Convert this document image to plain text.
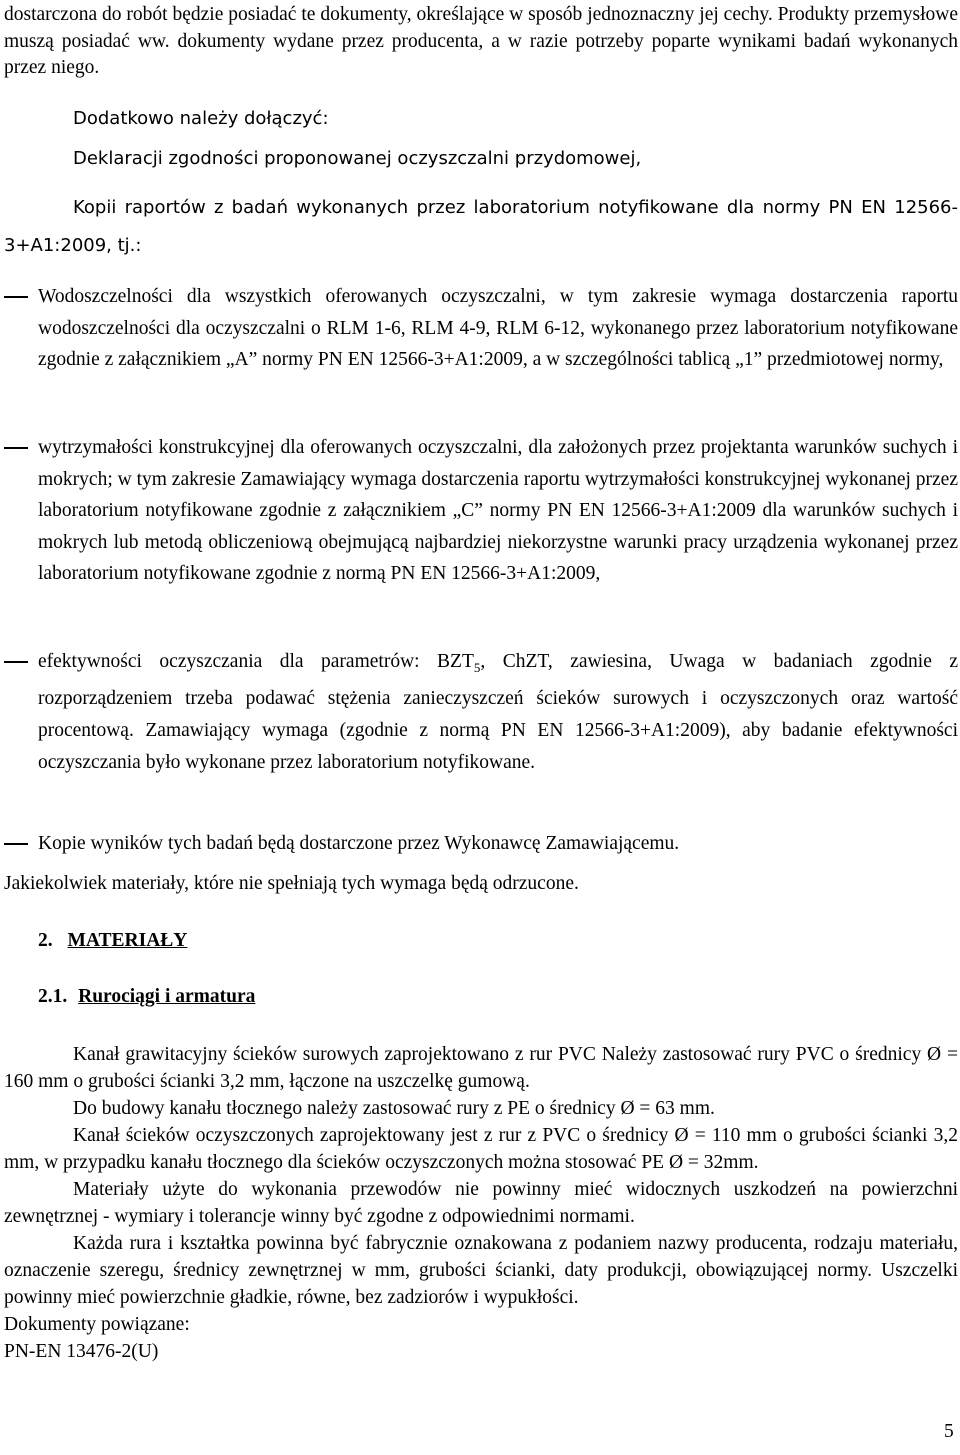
dostarczona do robót będzie posiadać te dokumenty, określające w sposób jednoznaczny jej cechy. Produkty przemysłowe muszą posiadać ww. dokumenty wydane przez producenta, a w razie potrzeby poparte wynikami badań wykonanych przez niego.

Dodatkowo należy dołączyć:

Deklaracji zgodności proponowanej oczyszczalni przydomowej,

Kopii raportów z badań wykonanych przez laboratorium notyfikowane dla normy PN EN 12566-3+A1:2009, tj.:

Wodoszczelności dla wszystkich oferowanych oczyszczalni, w tym zakresie wymaga dostarczenia raportu wodoszczelności dla oczyszczalni o RLM 1-6, RLM 4-9, RLM 6-12, wykonanego przez laboratorium notyfikowane zgodnie z załącznikiem „A” normy PN EN 12566-3+A1:2009, a w szczególności tablicą „1” przedmiotowej normy,
wytrzymałości konstrukcyjnej dla oferowanych oczyszczalni, dla założonych przez projektanta warunków suchych i mokrych; w tym zakresie Zamawiający wymaga dostarczenia raportu wytrzymałości konstrukcyjnej wykonanej przez laboratorium notyfikowane zgodnie z załącznikiem „C” normy PN EN 12566-3+A1:2009 dla warunków suchych i mokrych lub metodą obliczeniową obejmującą najbardziej niekorzystne warunki pracy urządzenia wykonanej przez laboratorium notyfikowane zgodnie z normą PN EN 12566-3+A1:2009,
efektywności oczyszczania dla parametrów: $BZT_5$, ChZT, zawiesina, Uwaga w badaniach zgodnie z rozporządzeniem trzeba podawać stężenia zanieczyszczeń ścieków surowych i oczyszczonych oraz wartość procentową. Zamawiający wymaga (zgodnie z normą PN EN 12566-3+A1:2009), aby badanie efektywności oczyszczania było wykonane przez laboratorium notyfikowane.
Kopie wyników tych badań będą dostarczone przez Wykonawcę Zamawiającemu.

Jakiekolwiek materiały, które nie spełniają tych wymaga będą odrzucone.

2. MATERIAŁY

2.1. Rurociągi i armatura

Kanał grawitacyjny ścieków surowych zaprojektowano z rur PVC Należy zastosować rury PVC o średnicy Ø = 160 mm o grubości ścianki 3,2 mm, łączone na uszczelkę gumową.

Do budowy kanału tłocznego należy zastosować rury z PE o średnicy Ø = 63 mm.

Kanał ścieków oczyszczonych zaprojektowany jest z rur z PVC o średnicy Ø = 110 mm o grubości ścianki 3,2 mm, w przypadku kanału tłocznego dla ścieków oczyszczonych można stosować PE Ø = 32mm.

Materiały użyte do wykonania przewodów nie powinny mieć widocznych uszkodzeń na powierzchni zewnętrznej - wymiary i tolerancje winny być zgodne z odpowiednimi normami.

Każda rura i kształtka powinna być fabrycznie oznakowana z podaniem nazwy producenta, rodzaju materiału, oznaczenie szeregu, średnicy zewnętrznej w mm, grubości ścianki, daty produkcji, obowiązującej normy. Uszczelki powinny mieć powierzchnie gładkie, równe, bez zadziorów i wypukłości.

Dokumenty powiązane:

PN-EN 13476-2(U)

5
